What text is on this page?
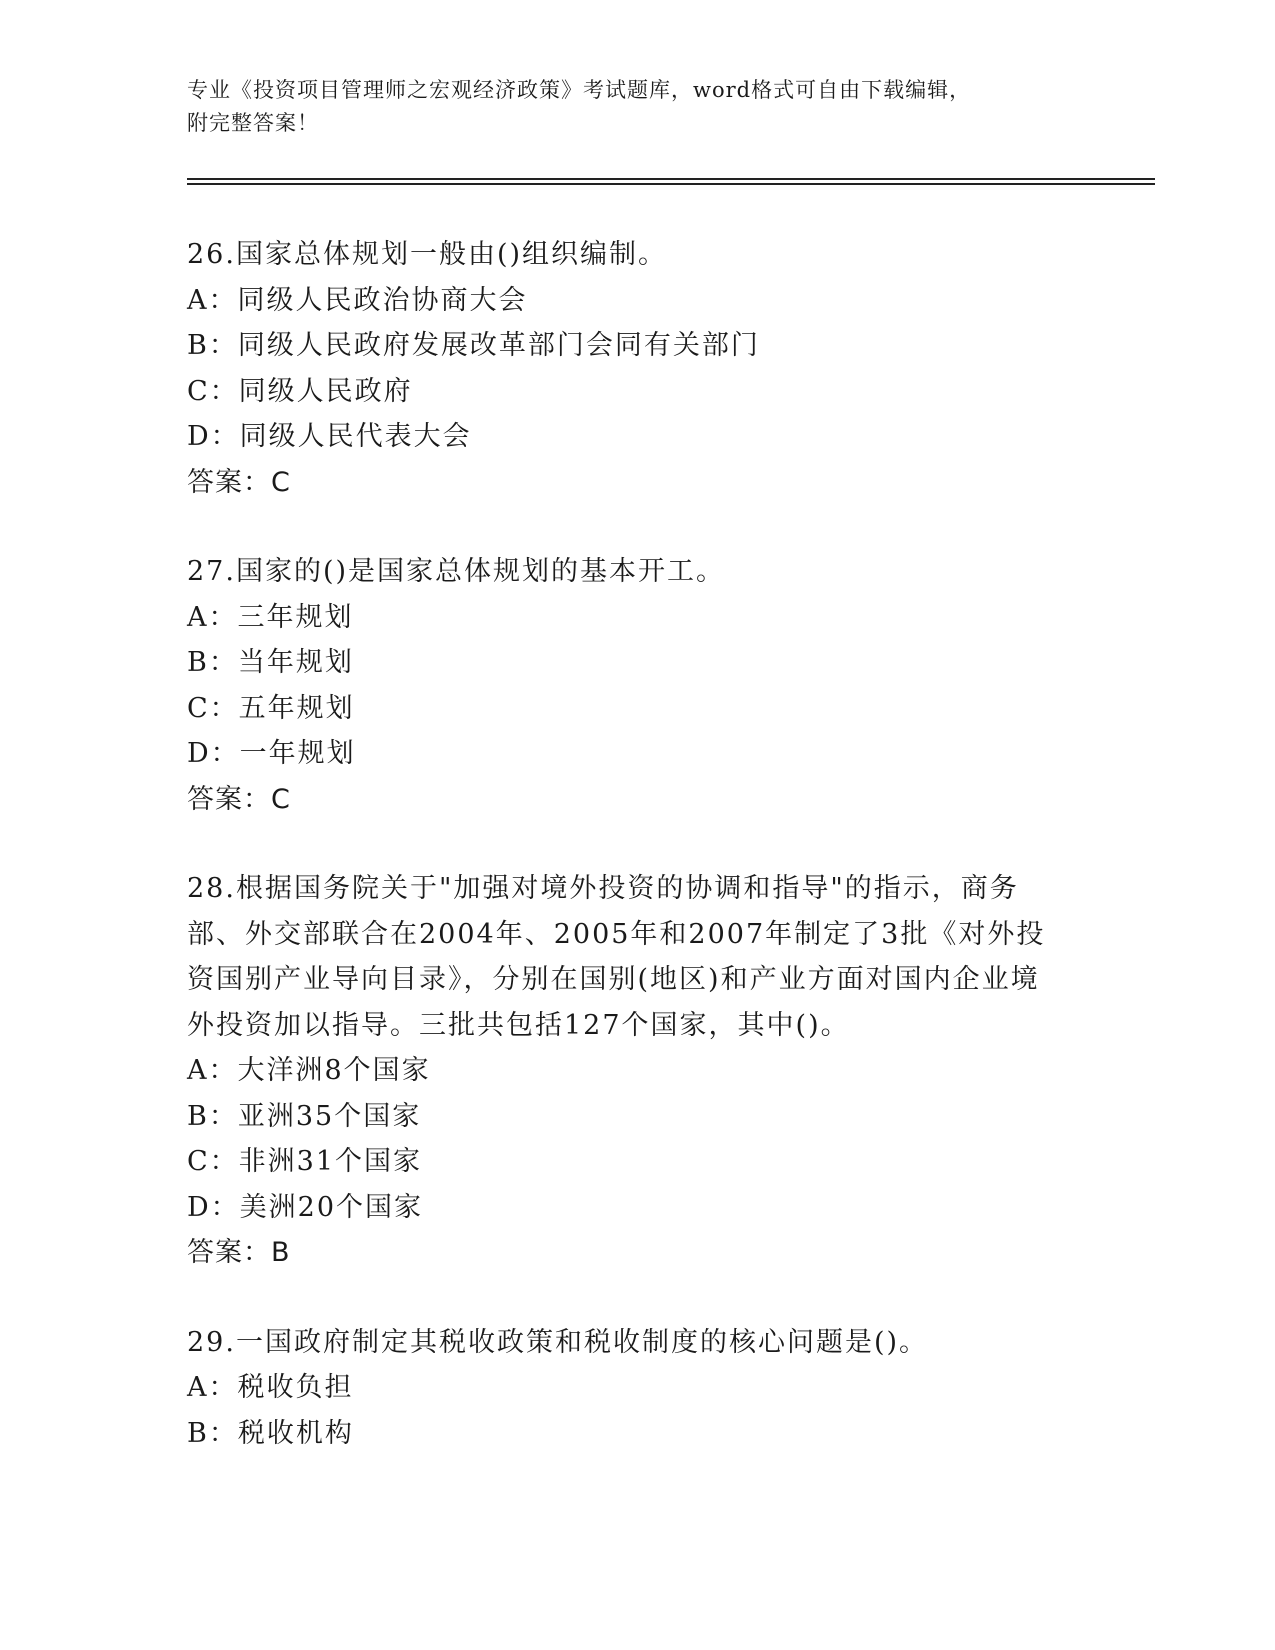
专业《投资项目管理师之宏观经济政策》考试题库，word格式可自由下载编辑，
附完整答案！
26.国家总体规划一般由()组织编制。
A：同级人民政治协商大会
B：同级人民政府发展改革部门会同有关部门
C：同级人民政府
D：同级人民代表大会
答案：C
27.国家的()是国家总体规划的基本开工。
A：三年规划
B：当年规划
C：五年规划
D：一年规划
答案：C
28.根据国务院关于"加强对境外投资的协调和指导"的指示，商务部、外交部联合在2004年、2005年和2007年制定了3批《对外投资国别产业导向目录》，分别在国别(地区)和产业方面对国内企业境外投资加以指导。三批共包括127个国家，其中()。
A：大洋洲8个国家
B：亚洲35个国家
C：非洲31个国家
D：美洲20个国家
答案：B
29.一国政府制定其税收政策和税收制度的核心问题是()。
A：税收负担
B：税收机构
